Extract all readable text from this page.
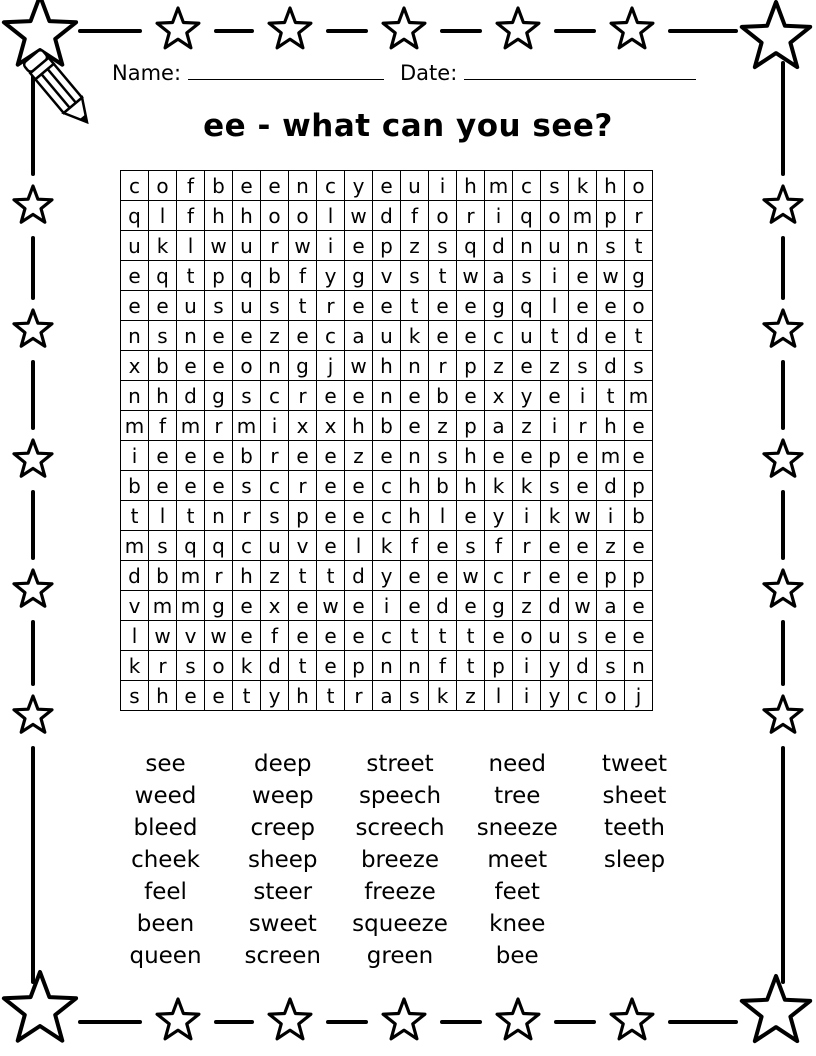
Name:	Date:
ee - what can you see?
c	o	f	b	e	e	n	c	y	e	u	i	h	m	c	s	k	h	o
q	l	f	h	h	o	o	l	w	d	f	o	r	i	q	o	m	p	r
u	k	l	w	u	r	w	i	e	p	z	s	q	d	n	u	n	s	t
e	q	t	p	q	b	f	y	g	v	s	t	w	a	s	i	e	w	g
e	e	u	s	u	s	t	r	e	e	t	e	e	g	q	l	e	e	o
n	s	n	e	e	z	e	c	a	u	k	e	e	c	u	t	d	e	t
x	b	e	e	o	n	g	j	w	h	n	r	p	z	e	z	s	d	s
n	h	d	g	s	c	r	e	e	n	e	b	e	x	y	e	i	t	m
m	f	m	r	m	i	x	x	h	b	e	z	p	a	z	i	r	h	e
i	e	e	e	b	r	e	e	z	e	n	s	h	e	e	p	e	m	e
b	e	e	e	s	c	r	e	e	c	h	b	h	k	k	s	e	d	p
t	l	t	n	r	s	p	e	e	c	h	l	e	y	i	k	w	i	b
m	s	q	q	c	u	v	e	l	k	f	e	s	f	r	e	e	z	e
d	b	m	r	h	z	t	t	d	y	e	e	w	c	r	e	e	p	p
v	m	m	g	e	x	e	w	e	i	e	d	e	g	z	d	w	a	e
l	w	v	w	e	f	e	e	e	c	t	t	t	e	o	u	s	e	e
k	r	s	o	k	d	t	e	p	n	n	f	t	p	i	y	d	s	n
s	h	e	e	t	y	h	t	r	a	s	k	z	l	i	y	c	o	j
see
weed
bleed
cheek
feel
been
queen
deep
weep
creep
sheep
steer
sweet
screen
street
speech
screech
breeze
freeze
squeeze
green
need
tree
sneeze
meet
feet
knee
bee
tweet
sheet
teeth
sleep
